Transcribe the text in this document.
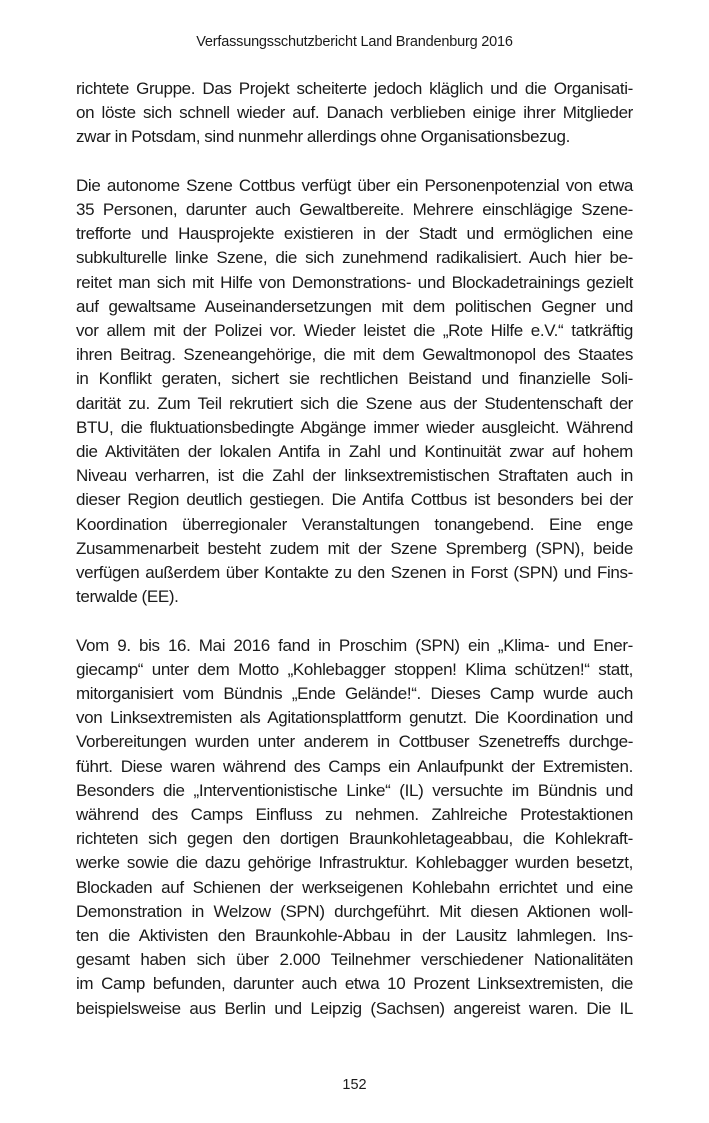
Verfassungsschutzbericht Land Brandenburg 2016

richtete Gruppe. Das Projekt scheiterte jedoch kläglich und die Organisati-
on löste sich schnell wieder auf. Danach verblieben einige ihrer Mitglieder
zwar in Potsdam, sind nunmehr allerdings ohne Organisationsbezug.

Die autonome Szene Cottbus verfügt über ein Personenpotenzial von etwa
35 Personen, darunter auch Gewaltbereite. Mehrere einschlägige Szene-
trefforte und Hausprojekte existieren in der Stadt und ermöglichen eine
subkulturelle linke Szene, die sich zunehmend radikalisiert. Auch hier be-
reitet man sich mit Hilfe von Demonstrations- und Blockadetrainings gezielt
auf gewaltsame Auseinandersetzungen mit dem politischen Gegner und
vor allem mit der Polizei vor. Wieder leistet die „Rote Hilfe e.V.“ tatkräftig
ihren Beitrag. Szeneangehörige, die mit dem Gewaltmonopol des Staates
in Konflikt geraten, sichert sie rechtlichen Beistand und finanzielle Soli-
darität zu. Zum Teil rekrutiert sich die Szene aus der Studentenschaft der
BTU, die fluktuationsbedingte Abgänge immer wieder ausgleicht. Während
die Aktivitäten der lokalen Antifa in Zahl und Kontinuität zwar auf hohem
Niveau verharren, ist die Zahl der linksextremistischen Straftaten auch in
dieser Region deutlich gestiegen. Die Antifa Cottbus ist besonders bei der
Koordination überregionaler Veranstaltungen tonangebend. Eine enge
Zusammenarbeit besteht zudem mit der Szene Spremberg (SPN), beide
verfügen außerdem über Kontakte zu den Szenen in Forst (SPN) und Fins-
terwalde (EE).

Vom 9. bis 16. Mai 2016 fand in Proschim (SPN) ein „Klima- und Ener-
giecamp“ unter dem Motto „Kohlebagger stoppen! Klima schützen!“ statt,
mitorganisiert vom Bündnis „Ende Gelände!“. Dieses Camp wurde auch
von Linksextremisten als Agitationsplattform genutzt. Die Koordination und
Vorbereitungen wurden unter anderem in Cottbuser Szenetreffs durchge-
führt. Diese waren während des Camps ein Anlaufpunkt der Extremisten.
Besonders die „Interventionistische Linke“ (IL) versuchte im Bündnis und
während des Camps Einfluss zu nehmen. Zahlreiche Protestaktionen
richteten sich gegen den dortigen Braunkohletageabbau, die Kohlekraft-
werke sowie die dazu gehörige Infrastruktur. Kohlebagger wurden besetzt,
Blockaden auf Schienen der werkseigenen Kohlebahn errichtet und eine
Demonstration in Welzow (SPN) durchgeführt. Mit diesen Aktionen woll-
ten die Aktivisten den Braunkohle-Abbau in der Lausitz lahmlegen. Ins-
gesamt haben sich über 2.000 Teilnehmer verschiedener Nationalitäten
im Camp befunden, darunter auch etwa 10 Prozent Linksextremisten, die
beispielsweise aus Berlin und Leipzig (Sachsen) angereist waren. Die IL

152
